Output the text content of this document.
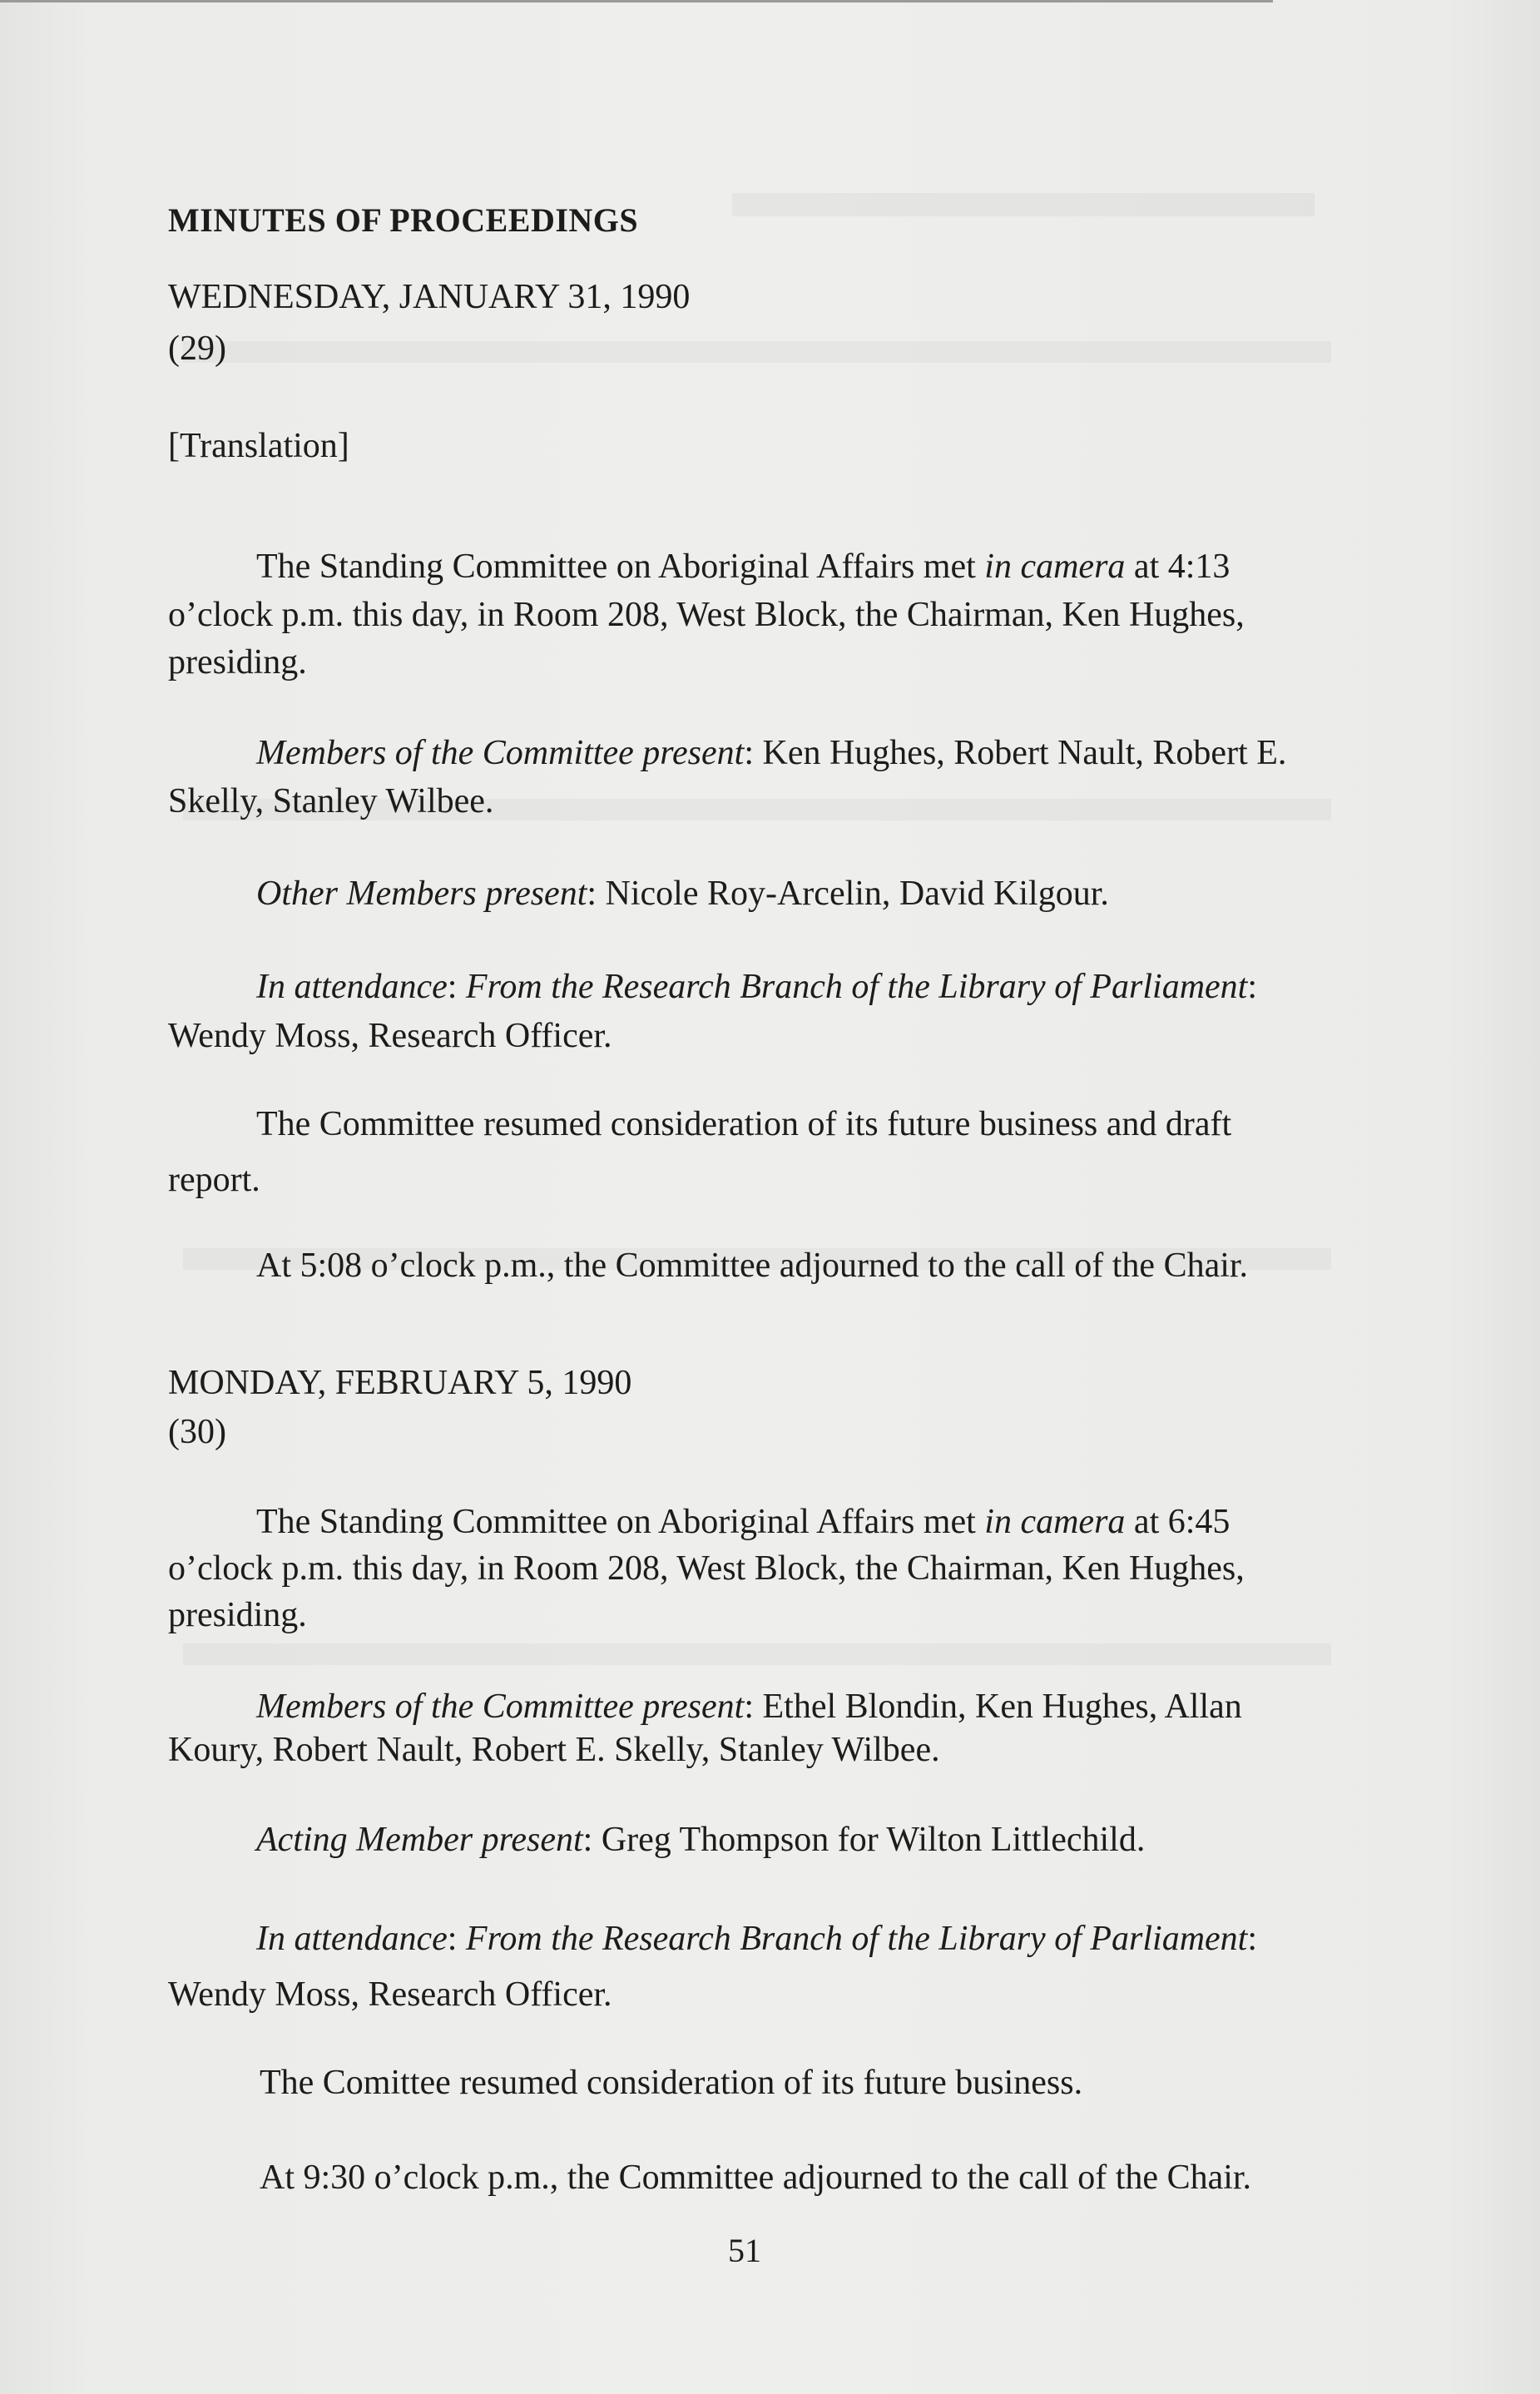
MINUTES OF PROCEEDINGS
WEDNESDAY, JANUARY 31, 1990
(29)
[Translation]
The Standing Committee on Aboriginal Affairs met in camera at 4:13
o’clock p.m. this day, in Room 208, West Block, the Chairman, Ken Hughes,
presiding.
Members of the Committee present: Ken Hughes, Robert Nault, Robert E.
Skelly, Stanley Wilbee.
Other Members present: Nicole Roy-Arcelin, David Kilgour.
In attendance: From the Research Branch of the Library of Parliament:
Wendy Moss, Research Officer.
The Committee resumed consideration of its future business and draft
report.
At 5:08 o’clock p.m., the Committee adjourned to the call of the Chair.
MONDAY, FEBRUARY 5, 1990
(30)
The Standing Committee on Aboriginal Affairs met in camera at 6:45
o’clock p.m. this day, in Room 208, West Block, the Chairman, Ken Hughes,
presiding.
Members of the Committee present: Ethel Blondin, Ken Hughes, Allan
Koury, Robert Nault, Robert E. Skelly, Stanley Wilbee.
Acting Member present: Greg Thompson for Wilton Littlechild.
In attendance: From the Research Branch of the Library of Parliament:
Wendy Moss, Research Officer.
The Comittee resumed consideration of its future business.
At 9:30 o’clock p.m., the Committee adjourned to the call of the Chair.
51
